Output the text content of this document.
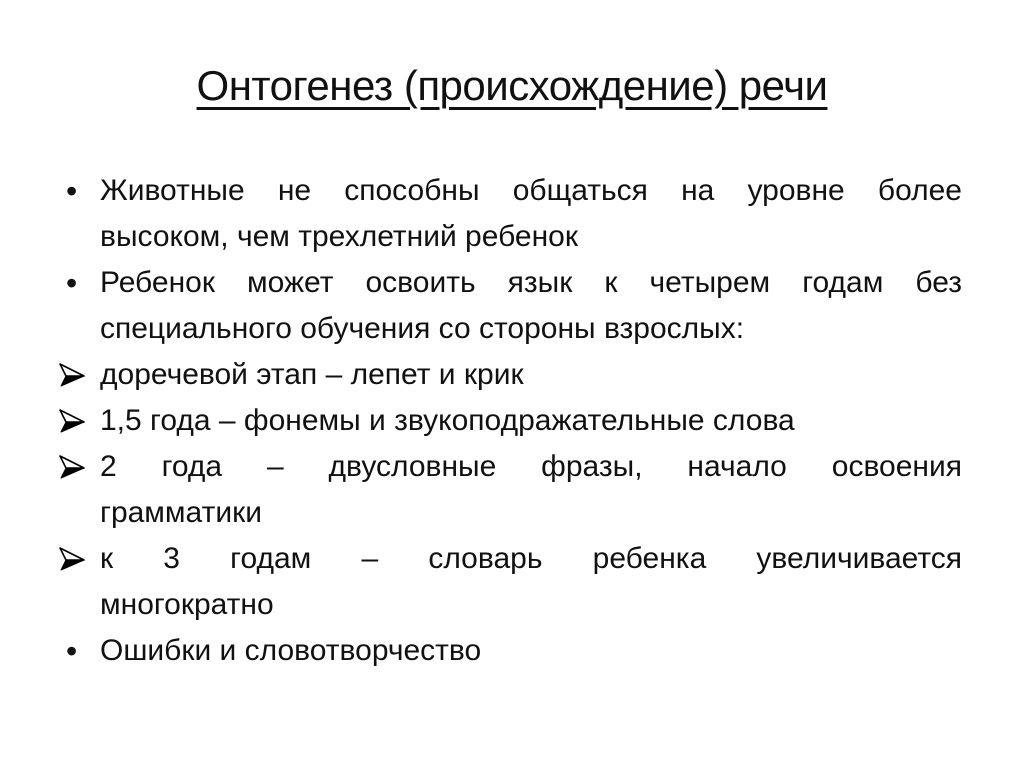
Онтогенез (происхождение) речи
• Животные не способны общаться на уровне более
высоком, чем трехлетний ребенок
• Ребенок может освоить язык к четырем годам без
специального обучения со стороны взрослых:
доречевой этап – лепет и крик
1,5 года – фонемы и звукоподражательные слова
2 года – двусловные фразы, начало освоения
грамматики
к 3 годам – словарь ребенка увеличивается
многократно
• Ошибки и словотворчество
